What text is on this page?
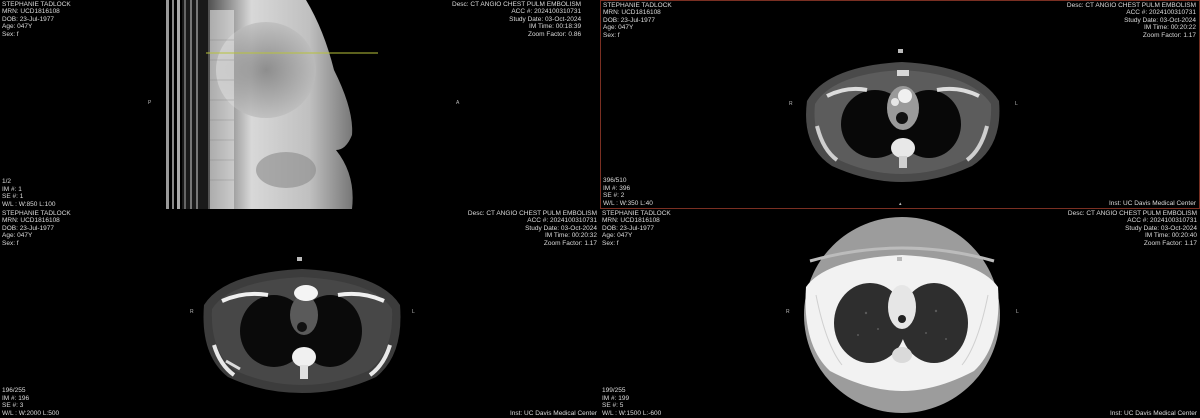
STEPHANIE TADLOCK
MRN: UCD1816108
DOB: 23-Jul-1977
Age: 047Y
Sex: f
1/2
IM #: 1
SE #: 1
W/L : W:850 L:100
P	A
Desc: CT ANGIO CHEST PULM EMBOLISM
ACC #: 2024100310731
Study Date: 03-Oct-2024
IM Time: 00:18:39
Zoom Factor: 0.86
STEPHANIE TADLOCK
MRN: UCD1816108
DOB: 23-Jul-1977
Age: 047Y
Sex: f
Desc: CT ANGIO CHEST PULM EMBOLISM
ACC #: 2024100310731
Study Date: 03-Oct-2024
IM Time: 00:20:22
Zoom Factor: 1.17
396/510
IM #: 396
SE #: 2
W/L : W:350 L:40	Inst: UC Davis Medical Center
R	L
▴
STEPHANIE TADLOCK
MRN: UCD1816108
DOB: 23-Jul-1977
Age: 047Y
Sex: f
Desc: CT ANGIO CHEST PULM EMBOLISM
ACC #: 2024100310731
Study Date: 03-Oct-2024
IM Time: 00:20:32
Zoom Factor: 1.17
196/255
IM #: 196
SE #: 3
W/L : W:2000 L:500	Inst: UC Davis Medical Center
R	L
STEPHANIE TADLOCK
MRN: UCD1816108
DOB: 23-Jul-1977
Age: 047Y
Sex: f
Desc: CT ANGIO CHEST PULM EMBOLISM
ACC #: 2024100310731
Study Date: 03-Oct-2024
IM Time: 00:20:40
Zoom Factor: 1.17
199/255
IM #: 199
SE #: 5
W/L : W:1500 L:-600	Inst: UC Davis Medical Center
R	L
